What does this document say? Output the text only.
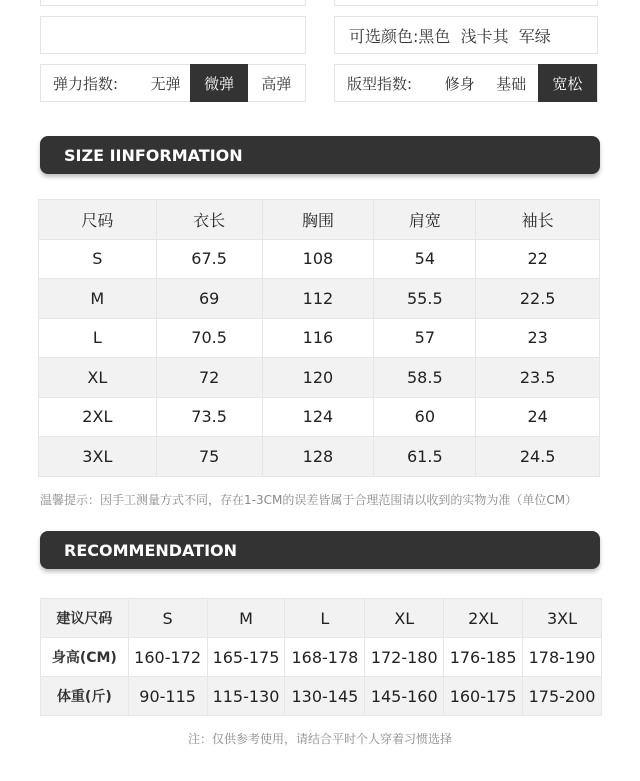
可选颜色: 黑色  浅卡其  军绿
弹力指数:	无弹	微弹	高弹	版型指数:	修身	基础	宽松
SIZE IINFORMATION
尺码	衣长	胸围	肩宽	袖长
S	67.5	108	54	22
M	69	112	55.5	22.5
L	70.5	116	57	23
XL	72	120	58.5	23.5
2XL	73.5	124	60	24
3XL	75	128	61.5	24.5
温馨提示：因手工测量方式不同，存在1-3CM的误差皆属于合理范围请以收到的实物为准（单位CM）
RECOMMENDATION
建议尺码	S	M	L	XL	2XL	3XL
身高(CM)	160-172	165-175	168-178	172-180	176-185	178-190
体重(斤)	90-115	115-130	130-145	145-160	160-175	175-200
注：仅供参考使用，请结合平时个人穿着习惯选择
